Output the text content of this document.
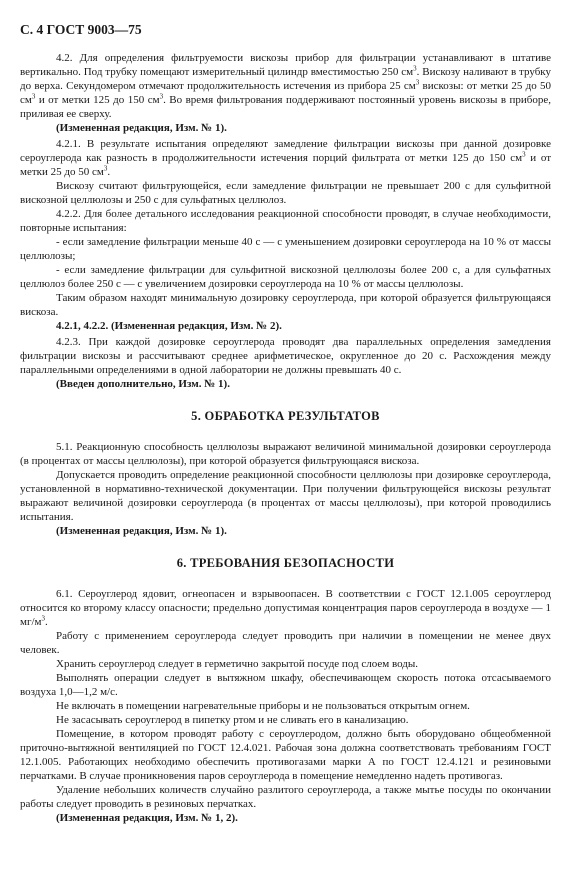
С. 4 ГОСТ 9003—75

4.2. Для определения фильтруемости вискозы прибор для фильтрации устанавливают в штативе вертикально. Под трубку помещают измерительный цилиндр вместимостью 250 $см^3$. Вискозу наливают в трубку до верха. Секундомером отмечают продолжительность истечения из прибора 25 $см^3$ вискозы: от метки 25 до 50 $см^3$ и от метки 125 до 150 $см^3$. Во время фильтрования поддерживают постоянный уровень вискозы в приборе, приливая ее сверху.

(Измененная редакция, Изм. № 1).

4.2.1. В результате испытания определяют замедление фильтрации вискозы при данной дозировке сероуглерода как разность в продолжительности истечения порций фильтрата от метки 125 до 150 $см^3$ и от метки 25 до 50 $см^3$.

Вискозу считают фильтрующейся, если замедление фильтрации не превышает 200 с для сульфитной вискозной целлюлозы и 250 с для сульфатных целлюлоз.

4.2.2. Для более детального исследования реакционной способности проводят, в случае необходимости, повторные испытания:

- если замедление фильтрации меньше 40 с — с уменьшением дозировки сероуглерода на 10 % от массы целлюлозы;

- если замедление фильтрации для сульфитной вискозной целлюлозы более 200 с, а для сульфатных целлюлоз более 250 с — с увеличением дозировки сероуглерода на 10 % от массы целлюлозы.

Таким образом находят минимальную дозировку сероуглерода, при которой образуется фильтрующаяся вискоза.

4.2.1, 4.2.2. (Измененная редакция, Изм. № 2).

4.2.3. При каждой дозировке сероуглерода проводят два параллельных определения замедления фильтрации вискозы и рассчитывают среднее арифметическое, округленное до 20 с. Расхождения между параллельными определениями в одной лаборатории не должны превышать 40 с.

(Введен дополнительно, Изм. № 1).

5. ОБРАБОТКА РЕЗУЛЬТАТОВ

5.1. Реакционную способность целлюлозы выражают величиной минимальной дозировки сероуглерода (в процентах от массы целлюлозы), при которой образуется фильтрующаяся вискоза.

Допускается проводить определение реакционной способности целлюлозы при дозировке сероуглерода, установленной в нормативно-технической документации. При получении фильтрующейся вискозы результат выражают величиной дозировки сероуглерода (в процентах от массы целлюлозы), при которой проводились испытания.

(Измененная редакция, Изм. № 1).

6. ТРЕБОВАНИЯ БЕЗОПАСНОСТИ

6.1. Сероуглерод ядовит, огнеопасен и взрывоопасен. В соответствии с ГОСТ 12.1.005 сероуглерод относится ко второму классу опасности; предельно допустимая концентрация паров сероуглерода в воздухе — 1 $мг/м^3$.

Работу с применением сероуглерода следует проводить при наличии в помещении не менее двух человек.

Хранить сероуглерод следует в герметично закрытой посуде под слоем воды.

Выполнять операции следует в вытяжном шкафу, обеспечивающем скорость потока отсасываемого воздуха 1,0—1,2 м/с.

Не включать в помещении нагревательные приборы и не пользоваться открытым огнем.

Не засасывать сероуглерод в пипетку ртом и не сливать его в канализацию.

Помещение, в котором проводят работу с сероуглеродом, должно быть оборудовано общеобменной приточно-вытяжной вентиляцией по ГОСТ 12.4.021. Рабочая зона должна соответствовать требованиям ГОСТ 12.1.005. Работающих необходимо обеспечить противогазами марки А по ГОСТ 12.4.121 и резиновыми перчатками. В случае проникновения паров сероуглерода в помещение немедленно надеть противогаз.

Удаление небольших количеств случайно разлитого сероуглерода, а также мытье посуды по окончании работы следует проводить в резиновых перчатках.

(Измененная редакция, Изм. № 1, 2).
